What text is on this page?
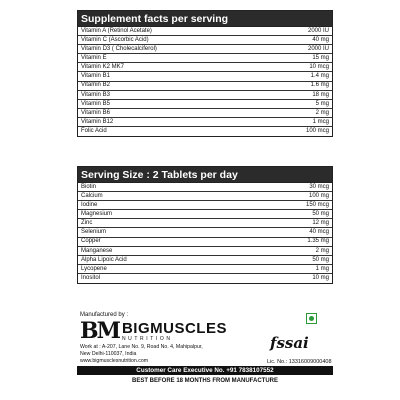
Supplement facts per serving
Vitamin A (Retinol Acetate)	2000 IU
Vitamin C (Ascorbic Acid)	40 mg
Vitamin D3 ( Cholecalciferol)	2000 IU
Vitamin E	15 mg
Vitamin K2 MK7	10 mcg
Vitamin B1	1.4 mg
Vitamin B2	1.6 mg
Vitamin B3	18 mg
Vitamin B5	5 mg
Vitamin B6	2 mg
Vitamin B12	1 mcg
Folic Acid	100 mcg
Serving Size : 2 Tablets per day
Biotin	30 mcg
Calcium	100 mg
Iodine	150 mcg
Magnesium	50 mg
Zinc	12 mg
Selenium	40 mcg
Copper	1.35 mg
Manganese	2 mg
Alpha Lipoic Acid	50 mg
Lycopene	1 mg
Inositol	10 mg
Manufactured by :
BM BIGMUSCLES
NUTRITION
Work at : A-207, Lane No. 9, Road No. 4, Mahipalpur,
New Delhi-110037, India
www.bigmusclesnutrition.com
fssai
Lic. No.: 13316009000408
Customer Care Executive No. +91 7838107552
BEST BEFORE 18 MONTHS FROM MANUFACTURE
